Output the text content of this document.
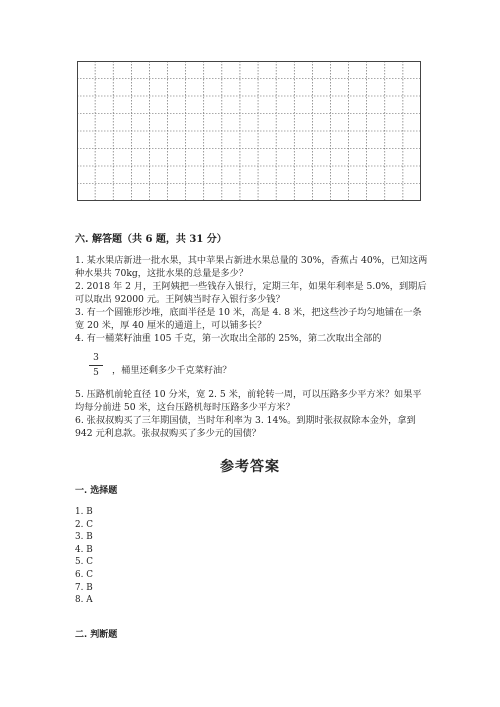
六. 解答题（共 6 题，共 31 分）

1. 某水果店新进一批水果，其中苹果占新进水果总量的 30%，香蕉占 40%，已知这两种水果共 70kg，这批水果的总量是多少？

2. 2018 年 2 月，王阿姨把一些钱存入银行，定期三年，如果年利率是 5.0%，到期后可以取出 92000 元。王阿姨当时存入银行多少钱？

3. 有一个圆锥形沙堆，底面半径是 10 米，高是 4. 8 米，把这些沙子均匀地铺在一条宽 20 米，厚 40 厘米的通道上，可以铺多长？

4. 有一桶菜籽油重 105 千克，第一次取出全部的 25%，第二次取出全部的

$\frac{3}{5}$ ，桶里还剩多少千克菜籽油？

5. 压路机前轮直径 10 分米，宽 2. 5 米，前轮转一周，可以压路多少平方米？如果平均每分前进 50 米，这台压路机每时压路多少平方米？

6. 张叔叔购买了三年期国债，当时年利率为 3. 14%。到期时张叔叔除本金外，拿到 942 元利息款。张叔叔购买了多少元的国债？

参考答案
一. 选择题
1. B
2. C
3. B
4. B
5. C
6. C
7. B
8. A
二. 判断题
